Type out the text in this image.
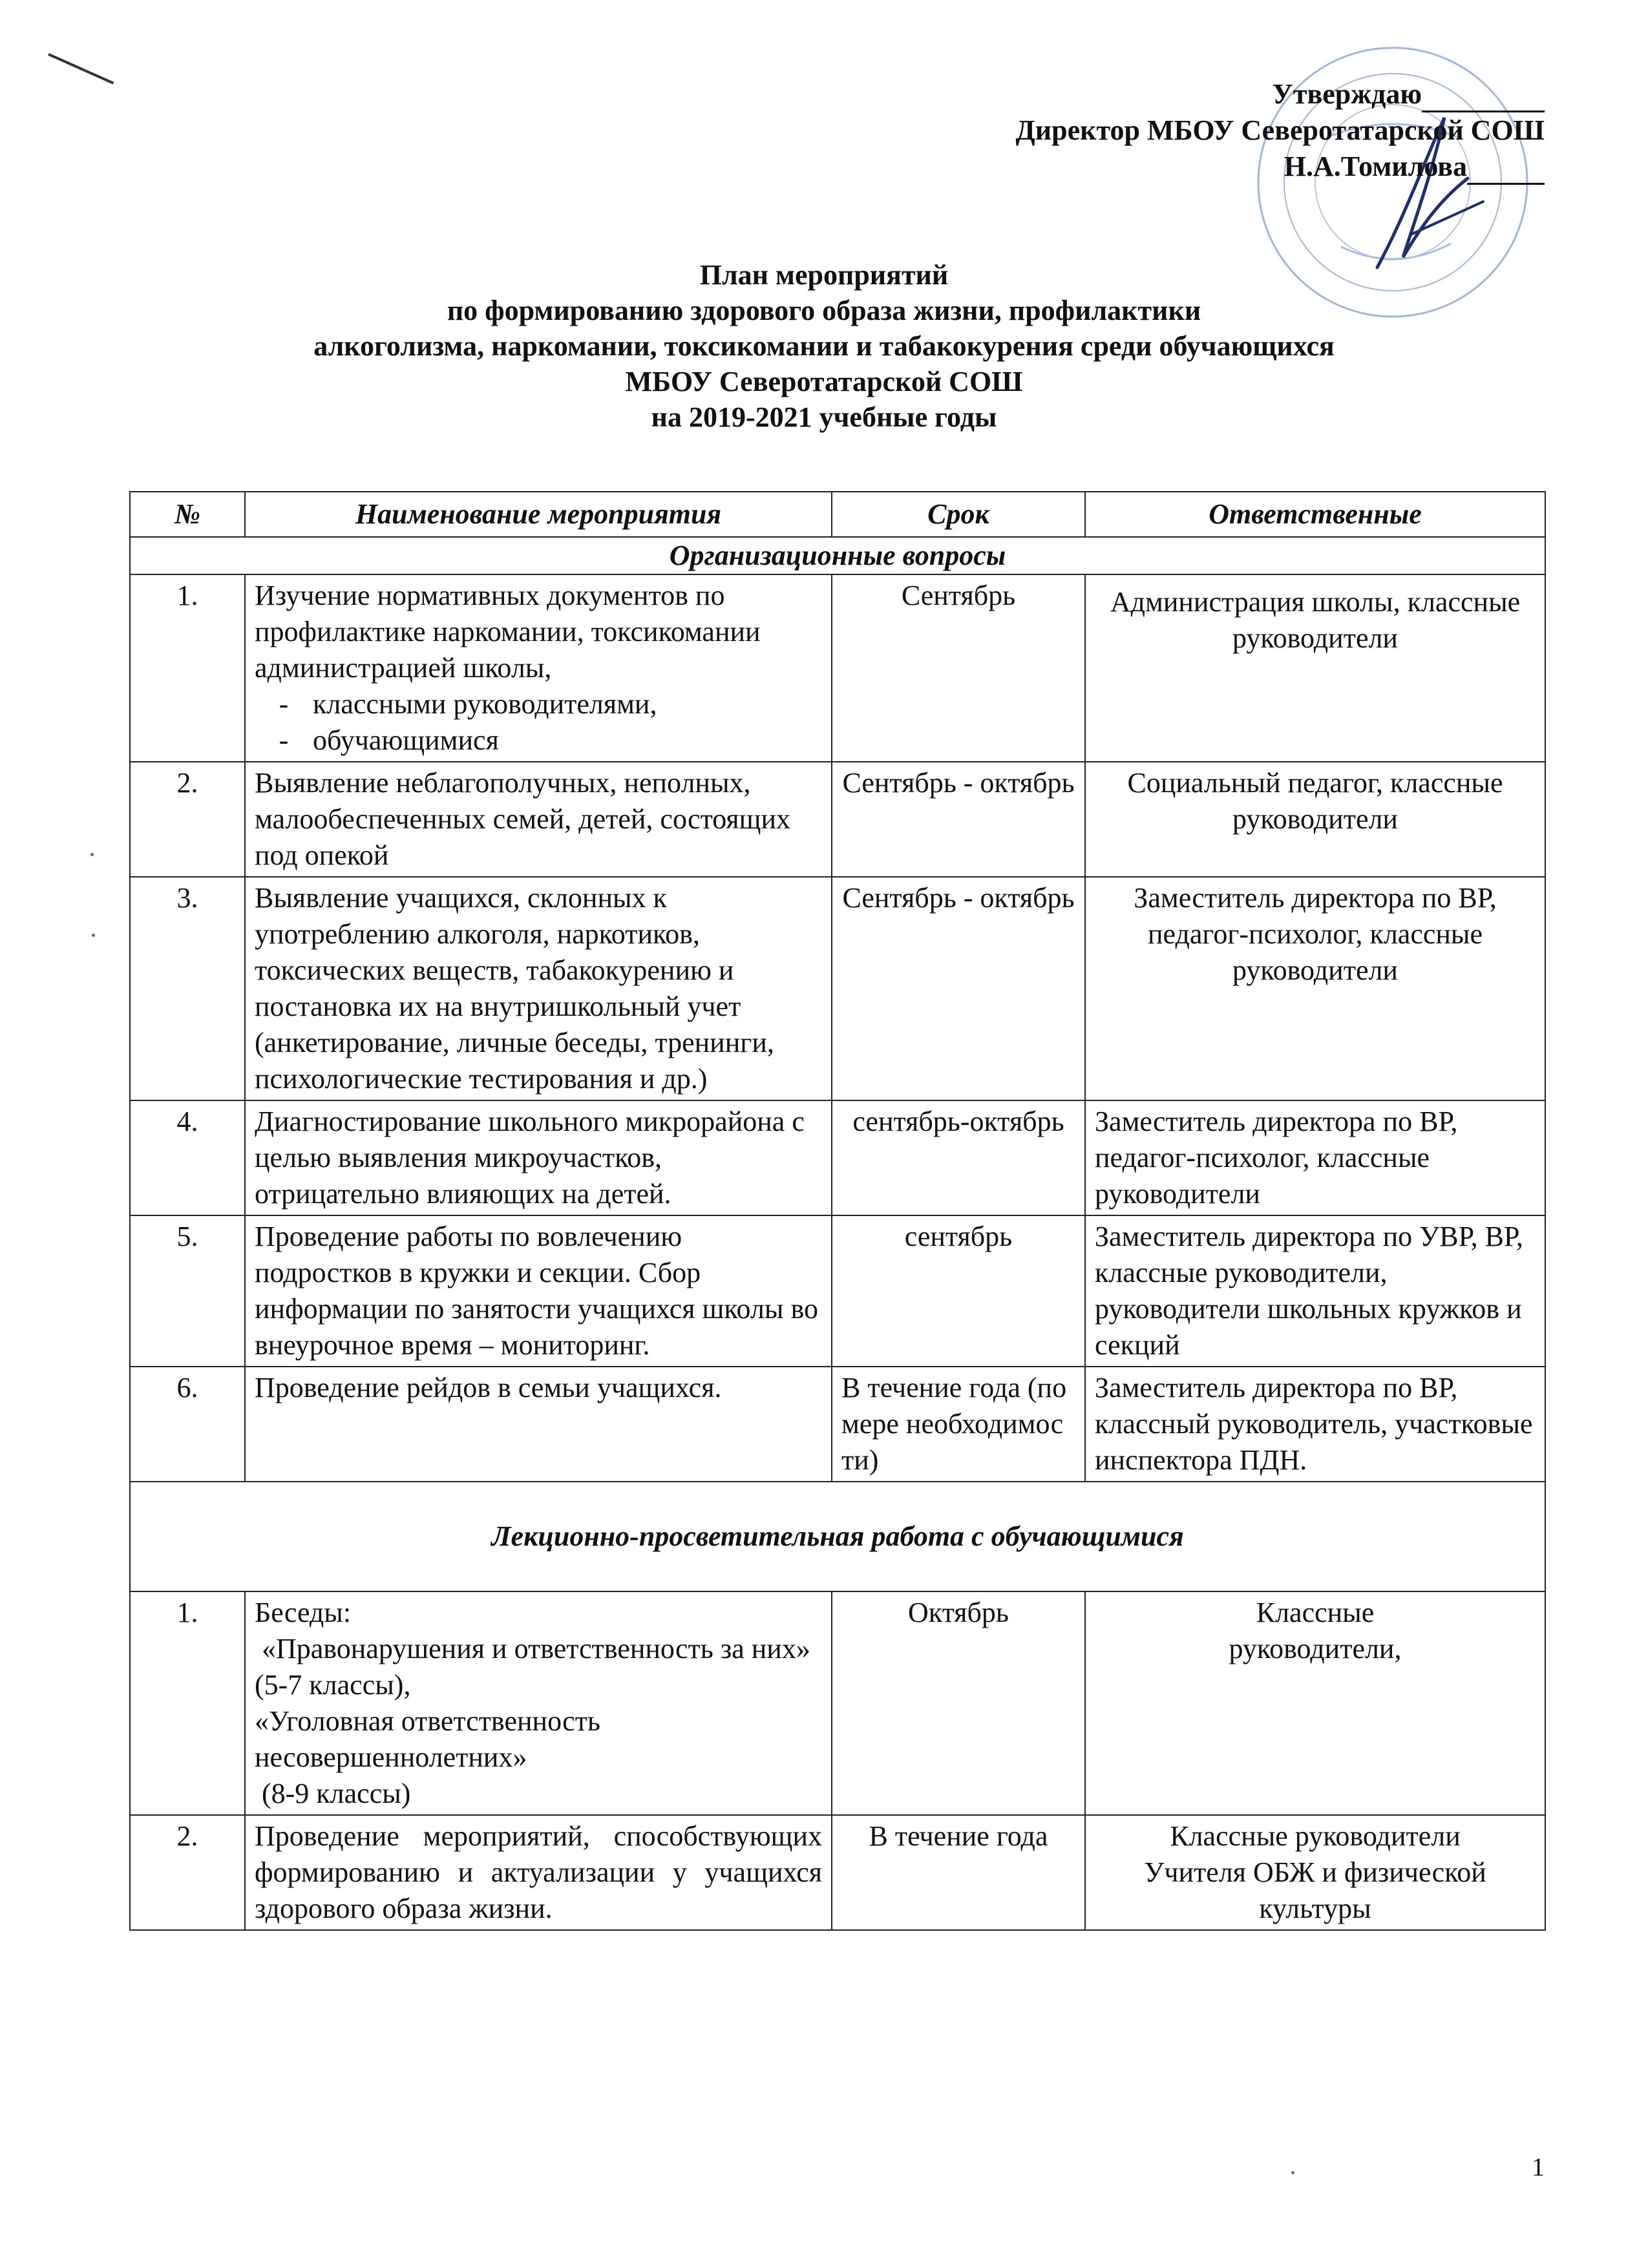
Утверждаю
Директор МБОУ Северотатарской СОШ
Н.А.Томилова
План мероприятий
по формированию здорового образа жизни, профилактики
алкоголизма, наркомании, токсикомании и табакокурения среди обучающихся
МБОУ Северотатарской СОШ
на 2019-2021 учебные годы
№	Наименование мероприятия	Срок	Ответственные
Организационные вопросы			
1.	Изучение нормативных документов по профилактике наркомании, токсикомании администрацией школы,
- классными руководителями,
- обучающимися	Сентябрь	Администрация школы, классные руководители
2.	Выявление неблагополучных, неполных, малообеспеченных семей, детей, состоящих под опекой	Сентябрь - октябрь	Социальный педагог, классные руководители
3.	Выявление учащихся, склонных к употреблению алкоголя, наркотиков, токсических веществ, табакокурению и постановка их на внутришкольный учет (анкетирование, личные беседы, тренинги, психологические тестирования и др.)	Сентябрь - октябрь	Заместитель директора по ВР, педагог-психолог, классные руководители
4.	Диагностирование школьного микрорайона с целью выявления микроучастков, отрицательно влияющих на детей.	сентябрь-октябрь	Заместитель директора по ВР, педагог-психолог, классные руководители
5.	Проведение работы по вовлечению подростков в кружки и секции. Сбор информации по занятости учащихся школы во внеурочное время – мониторинг.	сентябрь	Заместитель директора по УВР, ВР, классные руководители, руководители школьных кружков и секций
6.	Проведение рейдов в семьи учащихся.	В течение года (по мере необходимости)	Заместитель директора по ВР, классный руководитель, участковые инспектора ПДН.
Лекционно-просветительная работа с обучающимися			
1.	Беседы:
«Правонарушения и ответственность за них» (5-7 классы),
«Уголовная ответственность несовершеннолетних»
(8-9 классы)	Октябрь	Классные руководители,
2.	Проведение мероприятий, способствующих формированию и актуализации у учащихся здорового образа жизни.	В течение года	Классные руководители
Учителя ОБЖ и физической культуры
1
